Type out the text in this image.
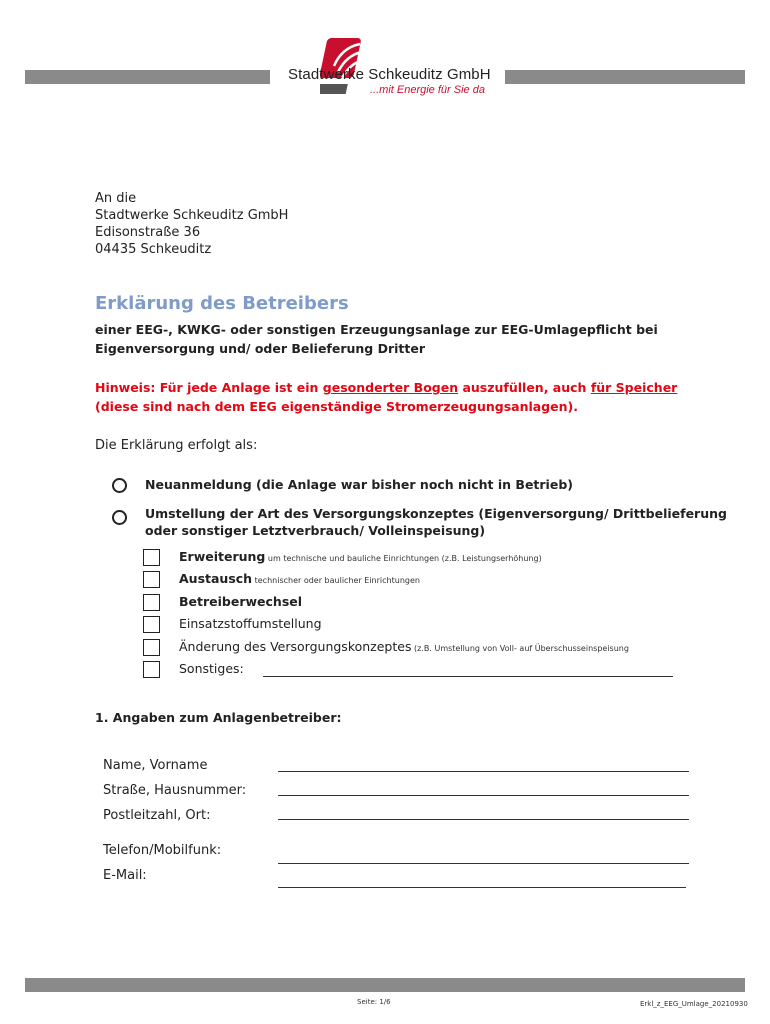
Stadtwerke Schkeuditz GmbH
...mit Energie für Sie da
An die
Stadtwerke Schkeuditz GmbH
Edisonstraße 36
04435 Schkeuditz
Erklärung des Betreibers
einer EEG-, KWKG- oder sonstigen Erzeugungsanlage zur EEG-Umlagepflicht bei
Eigenversorgung und/ oder Belieferung Dritter
Hinweis: Für jede Anlage ist ein gesonderter Bogen auszufüllen, auch für Speicher
(diese sind nach dem EEG eigenständige Stromerzeugungsanlagen).
Die Erklärung erfolgt als:
Neuanmeldung (die Anlage war bisher noch nicht in Betrieb)
Umstellung der Art des Versorgungskonzeptes (Eigenversorgung/ Drittbelieferung
oder sonstiger Letztverbrauch/ Volleinspeisung)
Erweiterung um technische und bauliche Einrichtungen (z.B. Leistungserhöhung)
Austausch technischer oder baulicher Einrichtungen
Betreiberwechsel
Einsatzstoffumstellung
Änderung des Versorgungskonzeptes (z.B. Umstellung von Voll- auf Überschusseinspeisung
Sonstiges:
1. Angaben zum Anlagenbetreiber:
Name, Vorname
Straße, Hausnummer:
Postleitzahl, Ort:
Telefon/Mobilfunk:
E-Mail:
Seite: 1/6	Erkl_z_EEG_Umlage_20210930
